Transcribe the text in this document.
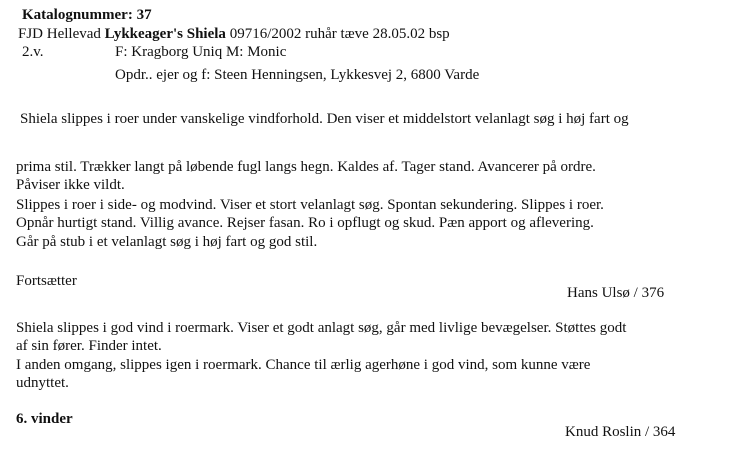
Katalognummer: 37
FJD Hellevad Lykkeager's Shiela 09716/2002 ruhår tæve 28.05.02 bsp
2.v.	F: Kragborg Uniq M: Monic
Opdr.. ejer og f: Steen Henningsen, Lykkesvej 2, 6800 Varde
Shiela slippes i roer under vanskelige vindforhold. Den viser et middelstort velanlagt søg i høj fart og
prima stil. Trækker langt på løbende fugl langs hegn. Kaldes af. Tager stand. Avancerer på ordre.
Påviser ikke vildt.
Slippes i roer i side- og modvind. Viser et stort velanlagt søg. Spontan sekundering. Slippes i roer.
Opnår hurtigt stand. Villig avance. Rejser fasan. Ro i opflugt og skud. Pæn apport og aflevering.
Går på stub i et velanlagt søg i høj fart og god stil.
Fortsætter
Hans Ulsø / 376
Shiela slippes i god vind i roermark. Viser et godt anlagt søg, går med livlige bevægelser. Støttes godt
af sin fører. Finder intet.
I anden omgang, slippes igen i roermark. Chance til ærlig agerhøne i god vind, som kunne være
udnyttet.
6. vinder
Knud Roslin / 364
